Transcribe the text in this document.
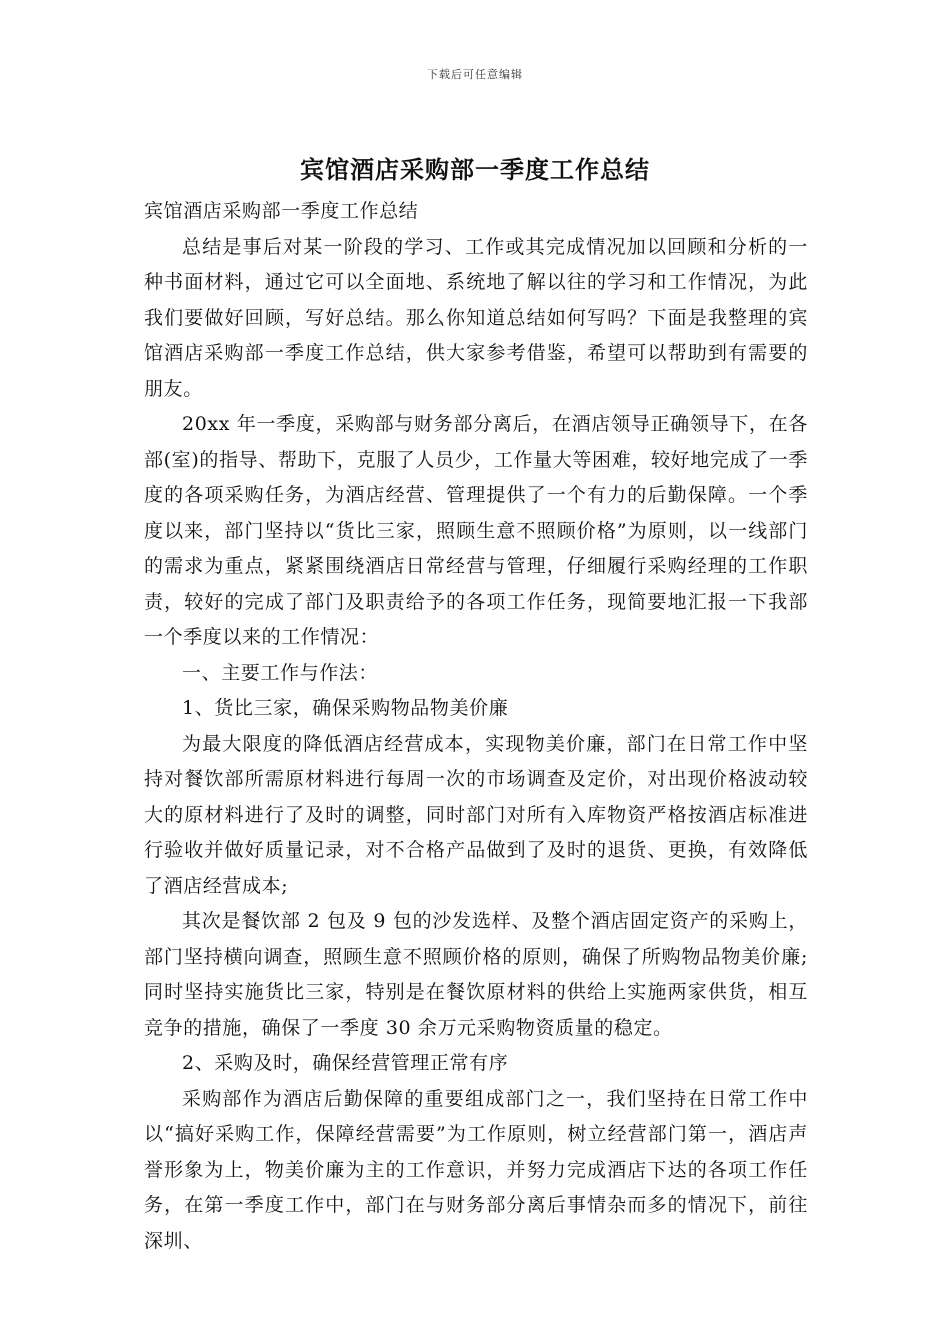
下载后可任意编辑
宾馆酒店采购部一季度工作总结

宾馆酒店采购部一季度工作总结

总结是事后对某一阶段的学习、工作或其完成情况加以回顾和分析的一种书面材料，通过它可以全面地、系统地了解以往的学习和工作情况，为此我们要做好回顾，写好总结。那么你知道总结如何写吗？下面是我整理的宾馆酒店采购部一季度工作总结，供大家参考借鉴，希望可以帮助到有需要的朋友。

20xx 年一季度，采购部与财务部分离后，在酒店领导正确领导下，在各部(室)的指导、帮助下，克服了人员少，工作量大等困难，较好地完成了一季度的各项采购任务，为酒店经营、管理提供了一个有力的后勤保障。一个季度以来，部门坚持以“货比三家，照顾生意不照顾价格”为原则，以一线部门的需求为重点，紧紧围绕酒店日常经营与管理，仔细履行采购经理的工作职责，较好的完成了部门及职责给予的各项工作任务，现简要地汇报一下我部一个季度以来的工作情况：

一、主要工作与作法：

1、货比三家，确保采购物品物美价廉

为最大限度的降低酒店经营成本，实现物美价廉，部门在日常工作中坚持对餐饮部所需原材料进行每周一次的市场调查及定价，对出现价格波动较大的原材料进行了及时的调整，同时部门对所有入库物资严格按酒店标准进行验收并做好质量记录，对不合格产品做到了及时的退货、更换，有效降低了酒店经营成本;

其次是餐饮部 2 包及 9 包的沙发选样、及整个酒店固定资产的采购上，部门坚持横向调查，照顾生意不照顾价格的原则，确保了所购物品物美价廉;同时坚持实施货比三家，特别是在餐饮原材料的供给上实施两家供货，相互竞争的措施，确保了一季度 30 余万元采购物资质量的稳定。

2、采购及时，确保经营管理正常有序

采购部作为酒店后勤保障的重要组成部门之一，我们坚持在日常工作中以“搞好采购工作，保障经营需要”为工作原则，树立经营部门第一，酒店声誉形象为上，物美价廉为主的工作意识，并努力完成酒店下达的各项工作任务，在第一季度工作中，部门在与财务部分离后事情杂而多的情况下，前往深圳、
